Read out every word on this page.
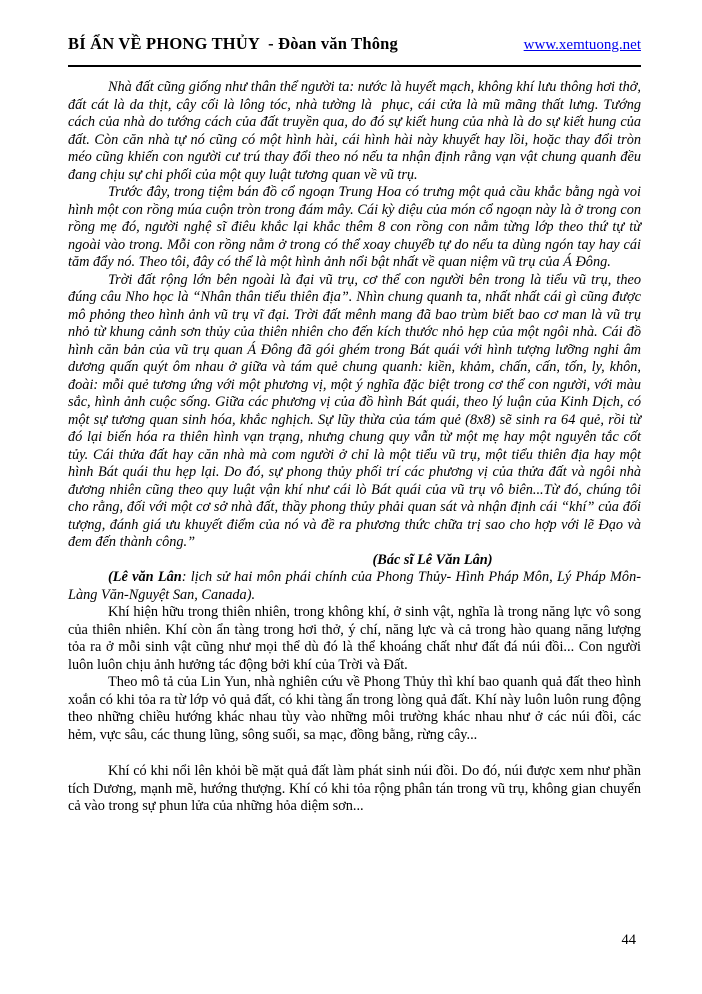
BÍ ẨN VỀ PHONG THỦY  - Đòan văn Thông	www.xemtuong.net

Nhà đất cũng giống như thân thể người ta: nước là huyết mạch, không khí lưu thông hơi thở, đất cát là da thịt, cây cối là lông tóc, nhà tường là  phục, cái cửa là mũ mãng thất lưng. Tướng cách của nhà do tướng cách của đất truyền qua, do đó sự kiết hung của nhà là do sự kiết hung của đất. Còn căn nhà tự nó cũng có một hình hài, cái hình hài này khuyết hay lồi, hoặc thay đổi tròn méo cũng khiến con người cư trú thay đổi theo nó nếu ta nhận định rằng vạn vật chung quanh đều đang chịu sự chi phối của một quy luật tương quan về vũ trụ.

Trước đây, trong tiệm bán đồ cổ ngoạn Trung Hoa có trưng một quả cầu khắc bằng ngà voi hình một con rồng múa cuộn tròn trong đám mây. Cái kỳ diệu của món cổ ngoạn này là ở trong con rồng mẹ đó, người nghệ sĩ điêu khắc lại khắc thêm 8 con rồng con nằm từng lớp theo thứ tự từ ngoài vào trong. Mỗi con rồng nằm ở trong có thể xoay chuyểb tự do nếu ta dùng ngón tay hay cái tăm đẩy nó. Theo tôi, đây có thể là một hình ảnh nổi bật nhất về quan niệm vũ trụ của Á Đông.

Trời đất rộng lớn bên ngoài là đại vũ trụ, cơ thể con người bên trong là tiểu vũ trụ, theo đúng câu Nho học là “Nhân thân tiểu thiên địa”. Nhìn chung quanh ta, nhất nhất cái gì cũng được mô phỏng theo hình ảnh vũ trụ vĩ đại. Trời đất mênh mang đã bao trùm biết bao cơ man là vũ trụ nhỏ từ khung cảnh sơn thủy của thiên nhiên cho đến kích thước nhỏ hẹp của một ngôi nhà. Cái đồ hình căn bản của vũ trụ quan Á Đông đã gói ghém trong Bát quái với hình tượng lưỡng nghi âm dương quấn quýt ôm nhau ở giữa và tám quẻ chung quanh: kiền, khảm, chấn, cấn, tốn, ly, khôn, đoài: mỗi quẻ tương ứng với một phương vị, một ý nghĩa đặc biệt trong cơ thể con người, với màu sắc, hình ảnh cuộc sống. Giữa các phương vị của đồ hình Bát quái, theo lý luận của Kinh Dịch, có một sự tương quan sinh hóa, khắc nghịch. Sự lũy thừa của tám quẻ (8x8) sẽ sinh ra 64 quẻ, rồi từ đó lại biến hóa ra thiên hình vạn trạng, nhưng chung quy vẫn từ một mẹ hay một nguyên tắc cốt tủy. Cái thửa đất hay căn nhà mà com người ở chỉ là một tiểu vũ trụ, một tiểu thiên địa hay một hình Bát quái thu hẹp lại. Do đó, sự phong thủy phối trí các phương vị của thửa đất và ngôi nhà đương nhiên cũng theo quy luật vận khí như cái lò Bát quái của vũ trụ vô biên...Từ đó, chúng tôi cho rằng, đối với một cơ sở nhà đất, thầy phong thủy phải quan sát và nhận định cái “khí” của đối tượng, đánh giá ưu khuyết điểm của nó và đề ra phương thức chữa trị sao cho hợp với lẽ Đạo và đem đến thành công.”

(Bác sĩ Lê Văn Lân)

(Lê văn Lân: lịch sử hai môn phái chính của Phong Thủy- Hình Pháp Môn, Lý Pháp Môn- Làng Văn-Nguyệt San, Canada).

Khí hiện hữu trong thiên nhiên, trong không khí, ở sinh vật, nghĩa là trong năng lực vô song của thiên nhiên. Khí còn ẩn tàng trong hơi thở, ý chí, năng lực và cả trong hào quang năng lượng tỏa ra ở mỗi sinh vật cũng như mọi thể dù đó là thể khoáng chất như đất đá núi đồi... Con người luôn luôn chịu ảnh hưởng tác động bởi khí của Trời và Đất.

Theo mô tả của Lin Yun, nhà nghiên cứu về Phong Thủy thì khí bao quanh quả đất theo hình xoắn có khi tỏa ra từ lớp vỏ quả đất, có khi tàng ẩn trong lòng quả đất. Khí này luôn luôn rung động theo những chiều hướng khác nhau tùy vào những môi trường khác nhau như ở các núi đồi, các hẻm, vực sâu, các thung lũng, sông suối, sa mạc, đồng bằng, rừng cây...

Khí có khi nổi lên khỏi bề mặt quả đất làm phát sinh núi đồi. Do đó, núi được xem như phần tích Dương, mạnh mẽ, hướng thượng. Khí có khi tỏa rộng phân tán trong vũ trụ, không gian chuyển cả vào trong sự phun lửa của những hỏa diệm sơn...

44
